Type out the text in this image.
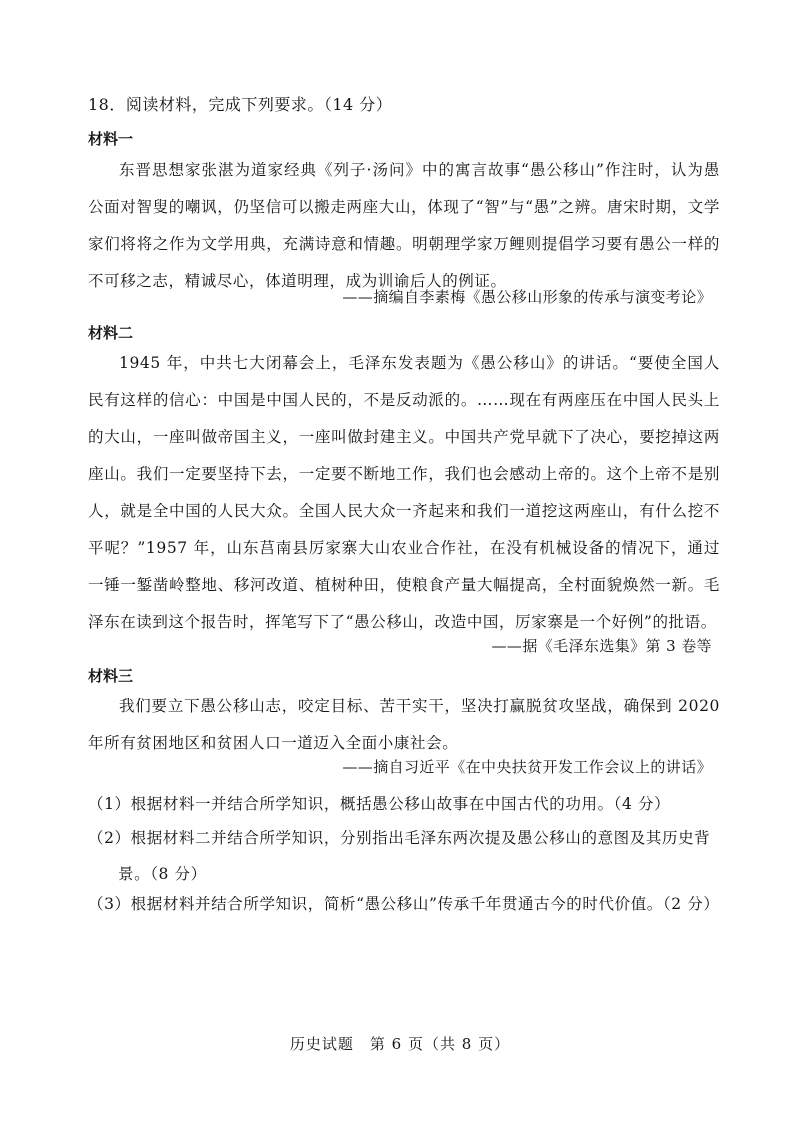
18．阅读材料，完成下列要求。（14 分）
材料一
东晋思想家张湛为道家经典《列子·汤问》中的寓言故事“愚公移山”作注时，认为愚公面对智叟的嘲讽，仍坚信可以搬走两座大山，体现了“智”与“愚”之辨。唐宋时期，文学家们将将之作为文学用典，充满诗意和情趣。明朝理学家万鲤则提倡学习要有愚公一样的不可移之志，精诚尽心，体道明理，成为训谕后人的例证。
——摘编自李素梅《愚公移山形象的传承与演变考论》
材料二
1945 年，中共七大闭幕会上，毛泽东发表题为《愚公移山》的讲话。“要使全国人民有这样的信心：中国是中国人民的，不是反动派的。……现在有两座压在中国人民头上的大山，一座叫做帝国主义，一座叫做封建主义。中国共产党早就下了决心，要挖掉这两座山。我们一定要坚持下去，一定要不断地工作，我们也会感动上帝的。这个上帝不是别人，就是全中国的人民大众。全国人民大众一齐起来和我们一道挖这两座山，有什么挖不平呢？”1957 年，山东莒南县厉家寨大山农业合作社，在没有机械设备的情况下，通过一锤一錾凿岭整地、移河改道、植树种田，使粮食产量大幅提高，全村面貌焕然一新。毛泽东在读到这个报告时，挥笔写下了“愚公移山，改造中国，厉家寨是一个好例”的批语。
——据《毛泽东选集》第 3 卷等
材料三
我们要立下愚公移山志，咬定目标、苦干实干，坚决打赢脱贫攻坚战，确保到 2020 年所有贫困地区和贫困人口一道迈入全面小康社会。
——摘自习近平《在中央扶贫开发工作会议上的讲话》
（1）根据材料一并结合所学知识，概括愚公移山故事在中国古代的功用。（4 分）
（2）根据材料二并结合所学知识，分别指出毛泽东两次提及愚公移山的意图及其历史背景。（8 分）
（3）根据材料并结合所学知识，简析“愚公移山”传承千年贯通古今的时代价值。（2 分）
历史试题　第 6 页（共 8 页）
